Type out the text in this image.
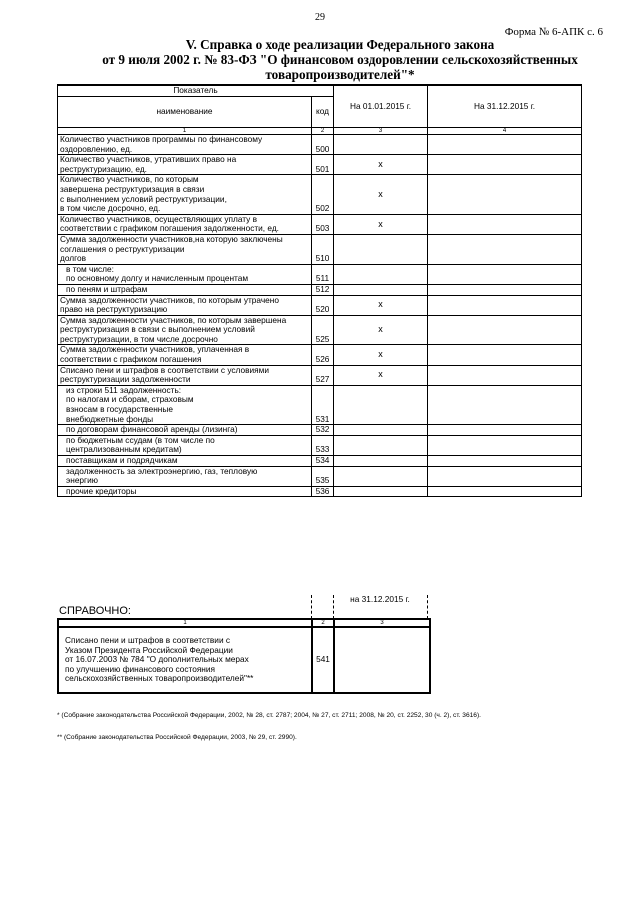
29
Форма № 6-АПК с. 6
V. Справка о ходе реализации Федерального закона
от 9 июля 2002 г. № 83-ФЗ "О финансовом оздоровлении сельскохозяйственных
товаропроизводителей"*
Показатель		На 01.01.2015 г.	На 31.12.2015 г.
наименование	код		
1	2	3	4

Количество участников программы по финансовому
оздоровлению, ед.	500		

Количество участников, утративших право на
реструктуризацию, ед.	501	x	

Количество участников, по которым
завершена реструктуризация в связи
с выполнением условий реструктуризации,
в том числе досрочно, ед.	502	x	

Количество участников, осуществляющих уплату в
соответствии с графиком погашения задолженности, ед.	503	x	

Сумма задолженности участников,на которую заключены
соглашения о реструктуризации
долгов	510		

в том числе:
по основному долгу и начисленным процентам	511		

по пеням и штрафам	512		

Сумма задолженности участников, по которым утрачено
право на реструктуризацию	520	x	

Сумма задолженности участников, по которым завершена
реструктуризация в связи с выполнением условий
реструктуризации, в том числе досрочно	525	x	

Сумма задолженности участников, уплаченная в
соответствии с графиком погашения	526	x	

Списано пени и штрафов в соответствии с условиями
реструктуризации задолженности	527	x	

из строки 511 задолженность:
по налогам и сборам, страховым
взносам в государственные
внебюджетные фонды	531		

по договорам финансовой аренды (лизинга)	532		

по бюджетным ссудам (в том числе по
централизованным кредитам)	533		

поставщикам и подрядчикам	534		

задолженность за электроэнергию, газ, тепловую
энергию	535		

прочие кредиторы	536		
СПРАВОЧНО:		на 31.12.2015 г.	
1	2	3

Списано пени и штрафов в соответствии с
Указом Президента Российской Федерации
от 16.07.2003 № 784 "О дополнительных мерах
по улучшению финансового состояния
сельскохозяйственных товаропроизводителей"**	541	
* (Собрание законодательства Российской Федерации, 2002, № 28, ст. 2787; 2004, № 27, ст. 2711; 2008, № 20, ст. 2252, 30 (ч. 2), ст. 3616).
** (Собрание законодательства Российской Федерации, 2003, № 29, ст. 2990).
